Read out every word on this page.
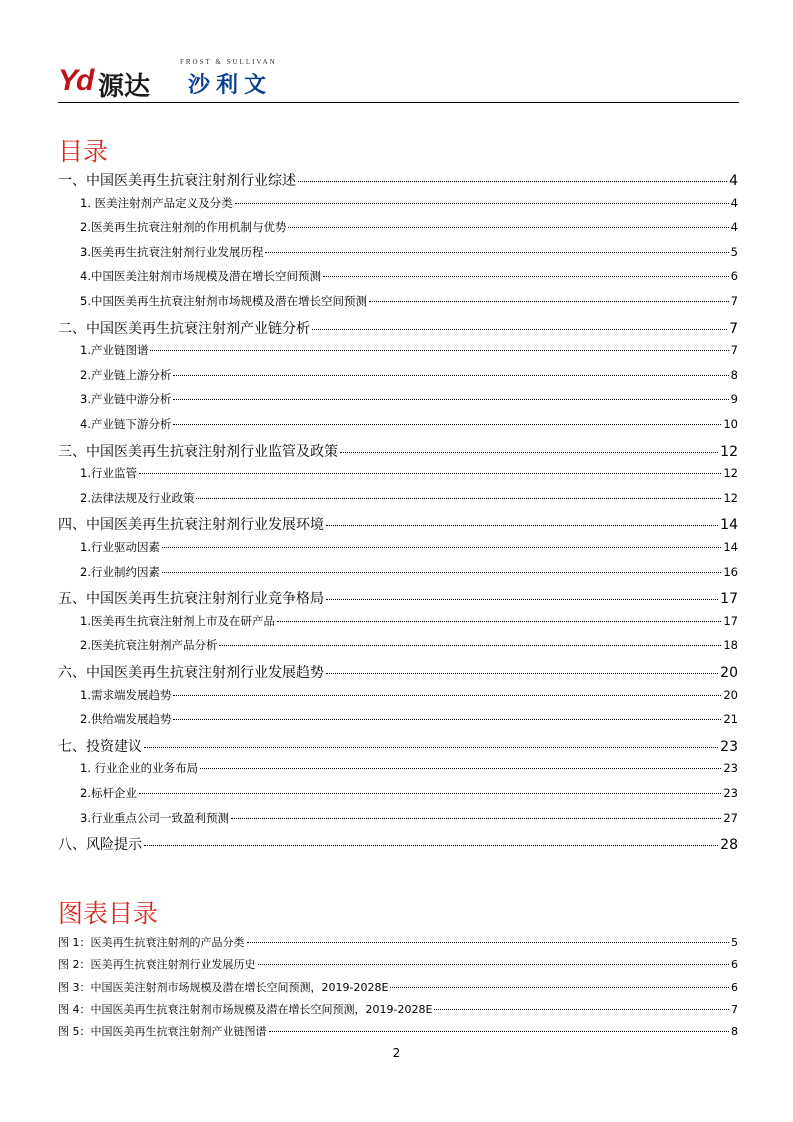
Yd 源达
FROST & SULLIVAN
沙利文
目录
一、中国医美再生抗衰注射剂行业综述	4
1. 医美注射剂产品定义及分类	4
2.医美再生抗衰注射剂的作用机制与优势	4
3.医美再生抗衰注射剂行业发展历程	5
4.中国医美注射剂市场规模及潜在增长空间预测	6
5.中国医美再生抗衰注射剂市场规模及潜在增长空间预测	7
二、中国医美再生抗衰注射剂产业链分析	7
1.产业链图谱	7
2.产业链上游分析	8
3.产业链中游分析	9
4.产业链下游分析	10
三、中国医美再生抗衰注射剂行业监管及政策	12
1.行业监管	12
2.法律法规及行业政策	12
四、中国医美再生抗衰注射剂行业发展环境	14
1.行业驱动因素	14
2.行业制约因素	16
五、中国医美再生抗衰注射剂行业竞争格局	17
1.医美再生抗衰注射剂上市及在研产品	17
2.医美抗衰注射剂产品分析	18
六、中国医美再生抗衰注射剂行业发展趋势	20
1.需求端发展趋势	20
2.供给端发展趋势	21
七、投资建议	23
1. 行业企业的业务布局	23
2.标杆企业	23
3.行业重点公司一致盈利预测	27
八、风险提示	28
图表目录
图 1：医美再生抗衰注射剂的产品分类	5
图 2：医美再生抗衰注射剂行业发展历史	6
图 3：中国医美注射剂市场规模及潜在增长空间预测，2019-2028E	6
图 4：中国医美再生抗衰注射剂市场规模及潜在增长空间预测，2019-2028E	7
图 5：中国医美再生抗衰注射剂产业链图谱	8
2
